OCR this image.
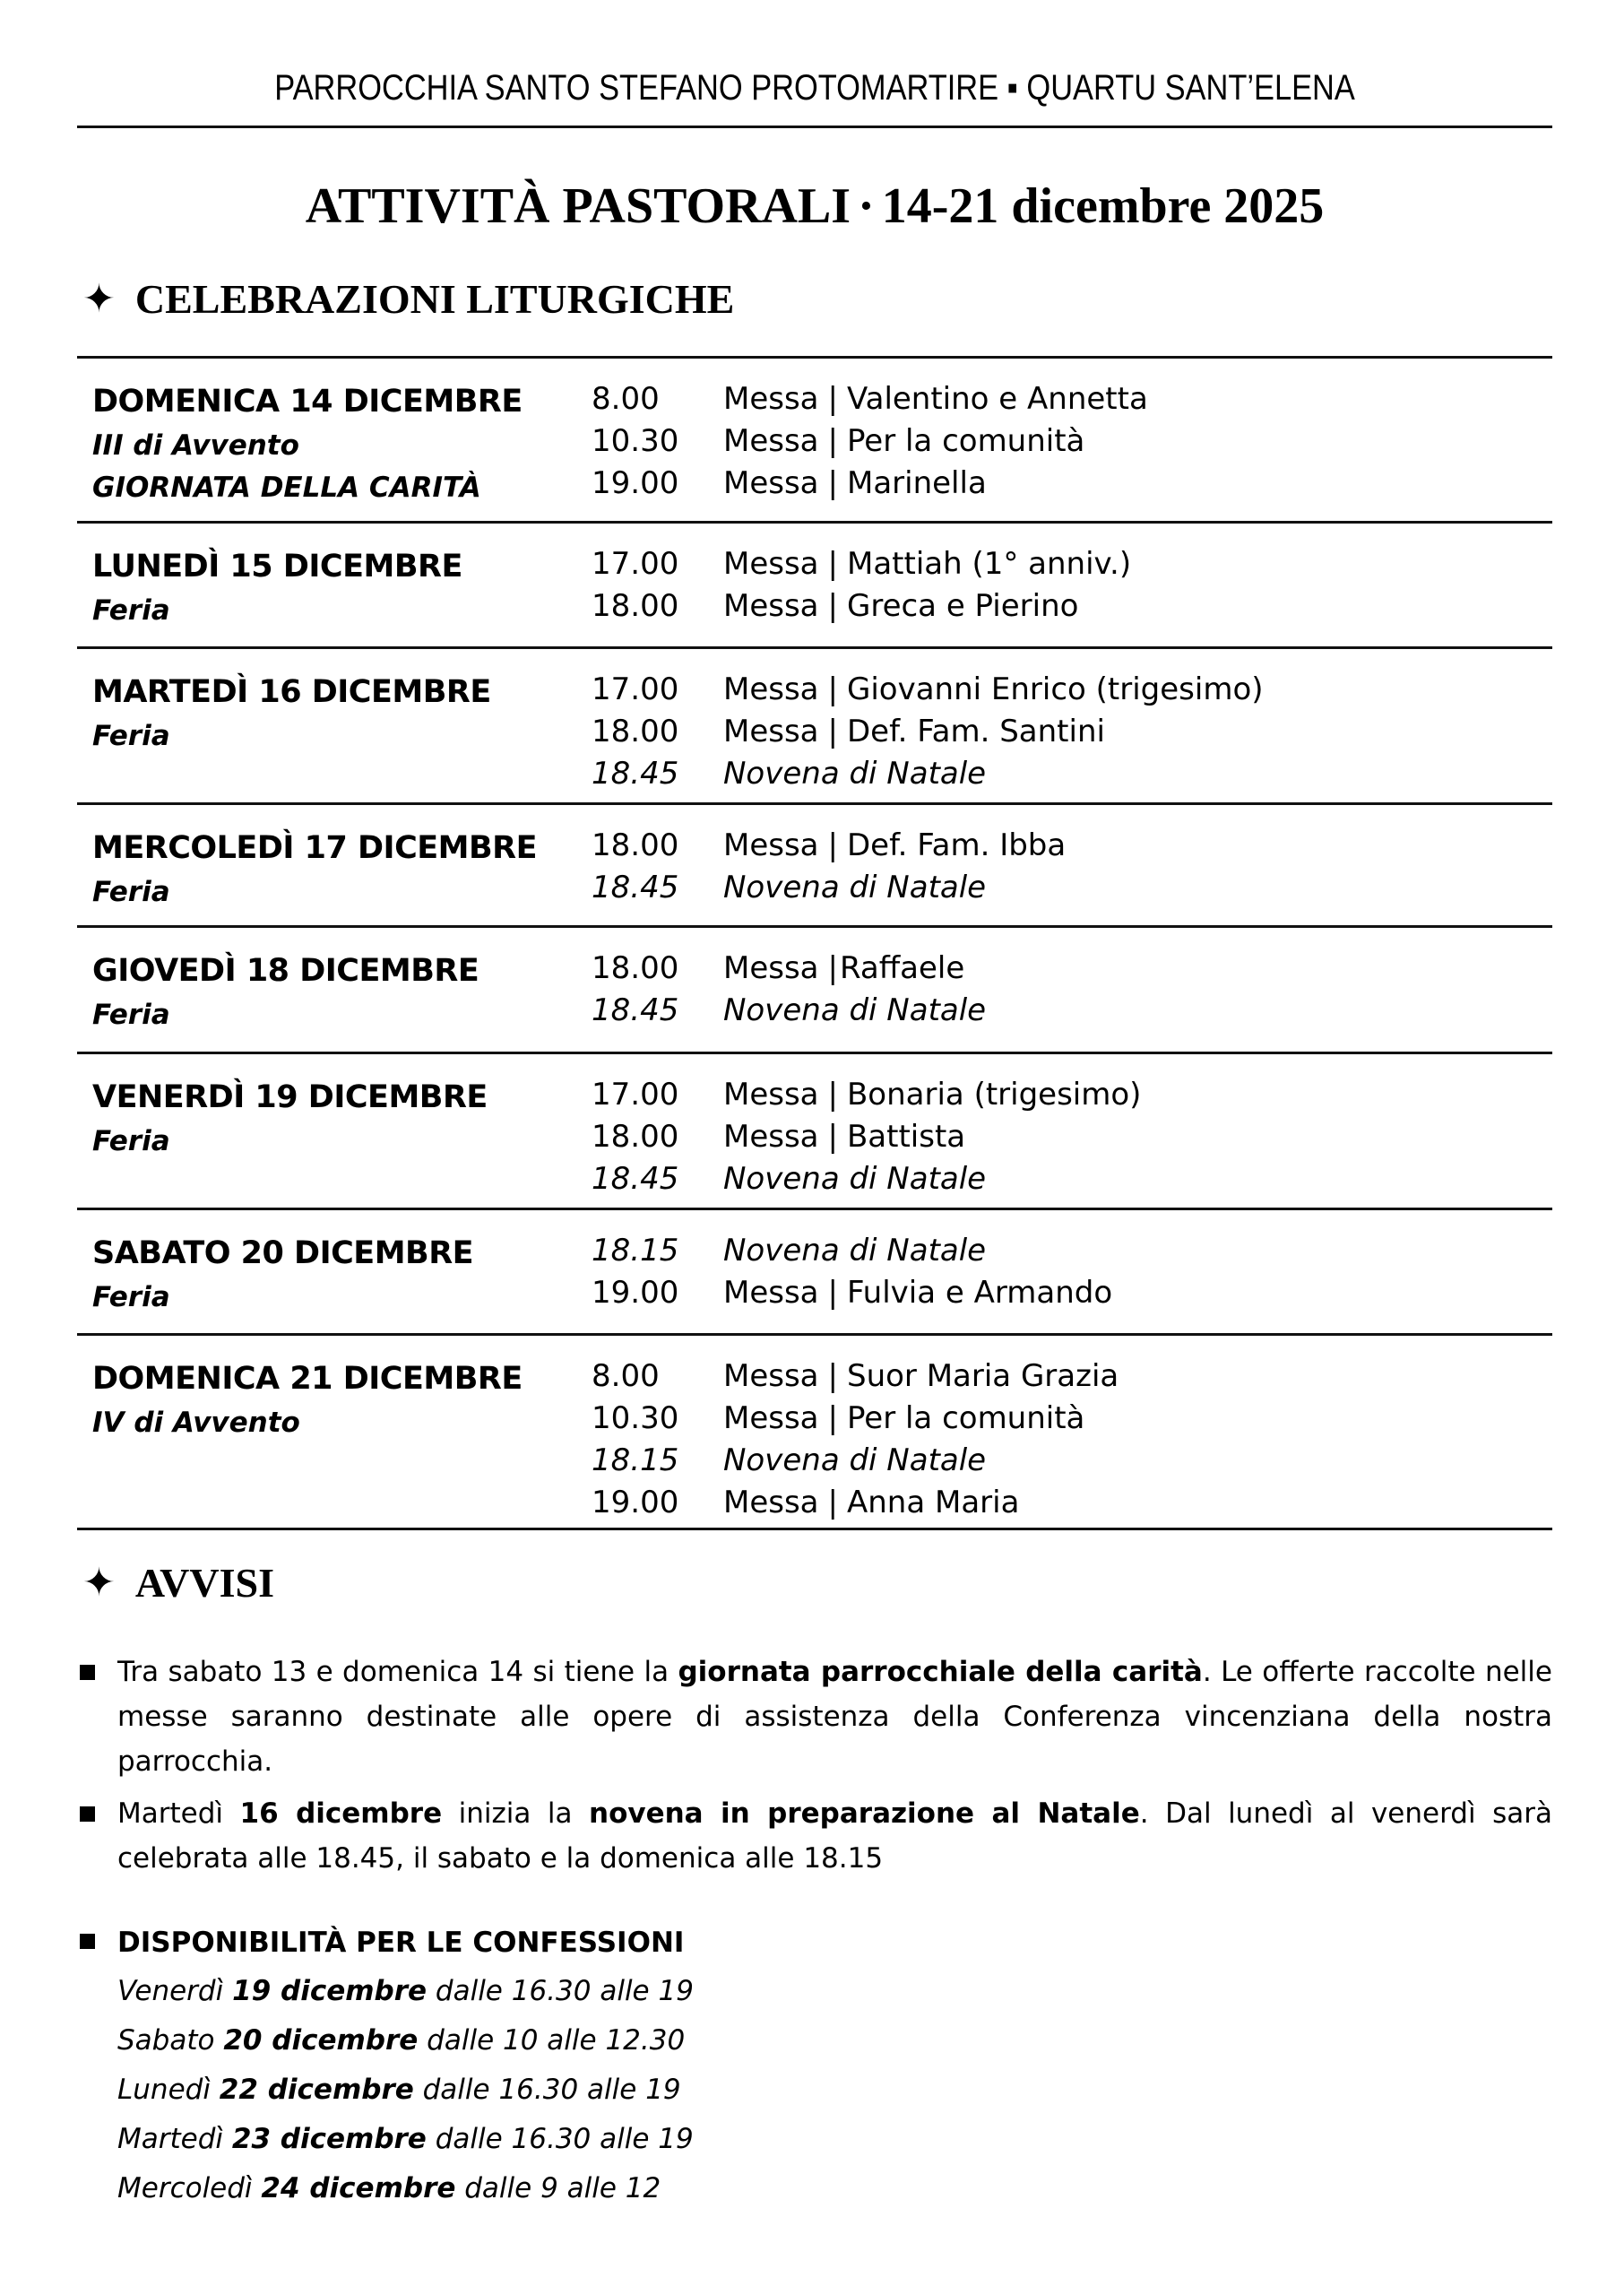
PARROCCHIA SANTO STEFANO PROTOMARTIRE ▪ QUARTU SANT’ELENA
ATTIVITÀ PASTORALI · 14-21 dicembre 2025
✦ CELEBRAZIONI LITURGICHE
DOMENICA 14 DICEMBRE
III di Avvento
GIORNATA DELLA CARITÀ
8.00	Messa | Valentino e Annetta
10.30	Messa | Per la comunità
19.00	Messa | Marinella
LUNEDÌ 15 DICEMBRE
Feria
17.00	Messa | Mattiah (1° anniv.)
18.00	Messa | Greca e Pierino
MARTEDÌ 16 DICEMBRE
Feria
17.00	Messa | Giovanni Enrico (trigesimo)
18.00	Messa | Def. Fam. Santini
18.45	Novena di Natale
MERCOLEDÌ 17 DICEMBRE
Feria
18.00	Messa | Def. Fam. Ibba
18.45	Novena di Natale
GIOVEDÌ 18 DICEMBRE
Feria
18.00	Messa | Raffaele
18.45	Novena di Natale
VENERDÌ 19 DICEMBRE
Feria
17.00	Messa | Bonaria (trigesimo)
18.00	Messa | Battista
18.45	Novena di Natale
SABATO 20 DICEMBRE
Feria
18.15	Novena di Natale
19.00	Messa | Fulvia e Armando
DOMENICA 21 DICEMBRE
IV di Avvento
8.00	Messa | Suor Maria Grazia
10.30	Messa | Per la comunità
18.15	Novena di Natale
19.00	Messa | Anna Maria
✦ AVVISI
Tra sabato 13 e domenica 14 si tiene la giornata parrocchiale della carità. Le offerte raccolte nelle messe saranno destinate alle opere di assistenza della Conferenza vincenziana della nostra parrocchia.
Martedì 16 dicembre inizia la novena in preparazione al Natale. Dal lunedì al venerdì sarà celebrata alle 18.45, il sabato e la domenica alle 18.15
DISPONIBILITÀ PER LE CONFESSIONI
Venerdì 19 dicembre dalle 16.30 alle 19
Sabato 20 dicembre dalle 10 alle 12.30
Lunedì 22 dicembre dalle 16.30 alle 19
Martedì 23 dicembre dalle 16.30 alle 19
Mercoledì 24 dicembre dalle 9 alle 12
